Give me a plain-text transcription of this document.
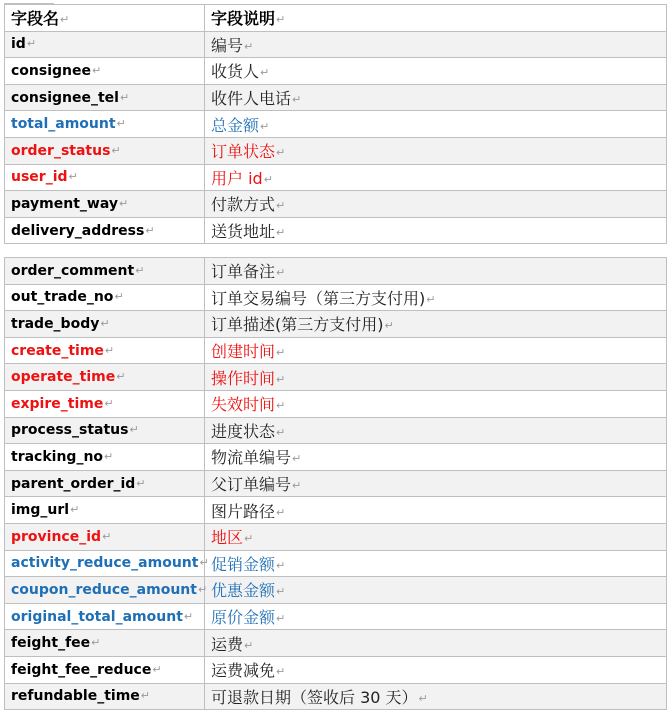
字段名↵	字段说明↵
id↵	编号↵
consignee↵	收货人↵
consignee_tel↵	收件人电话↵
total_amount↵	总金额↵
order_status↵	订单状态↵
user_id↵	用户 id↵
payment_way↵	付款方式↵
delivery_address↵	送货地址↵
order_comment↵	订单备注↵
out_trade_no↵	订单交易编号（第三方支付用)↵
trade_body↵	订单描述(第三方支付用)↵
create_time↵	创建时间↵
operate_time↵	操作时间↵
expire_time↵	失效时间↵
process_status↵	进度状态↵
tracking_no↵	物流单编号↵
parent_order_id↵	父订单编号↵
img_url↵	图片路径↵
province_id↵	地区↵
activity_reduce_amount↵	促销金额↵
coupon_reduce_amount↵	优惠金额↵
original_total_amount↵	原价金额↵
feight_fee↵	运费↵
feight_fee_reduce↵	运费减免↵
refundable_time↵	可退款日期（签收后 30 天）↵
